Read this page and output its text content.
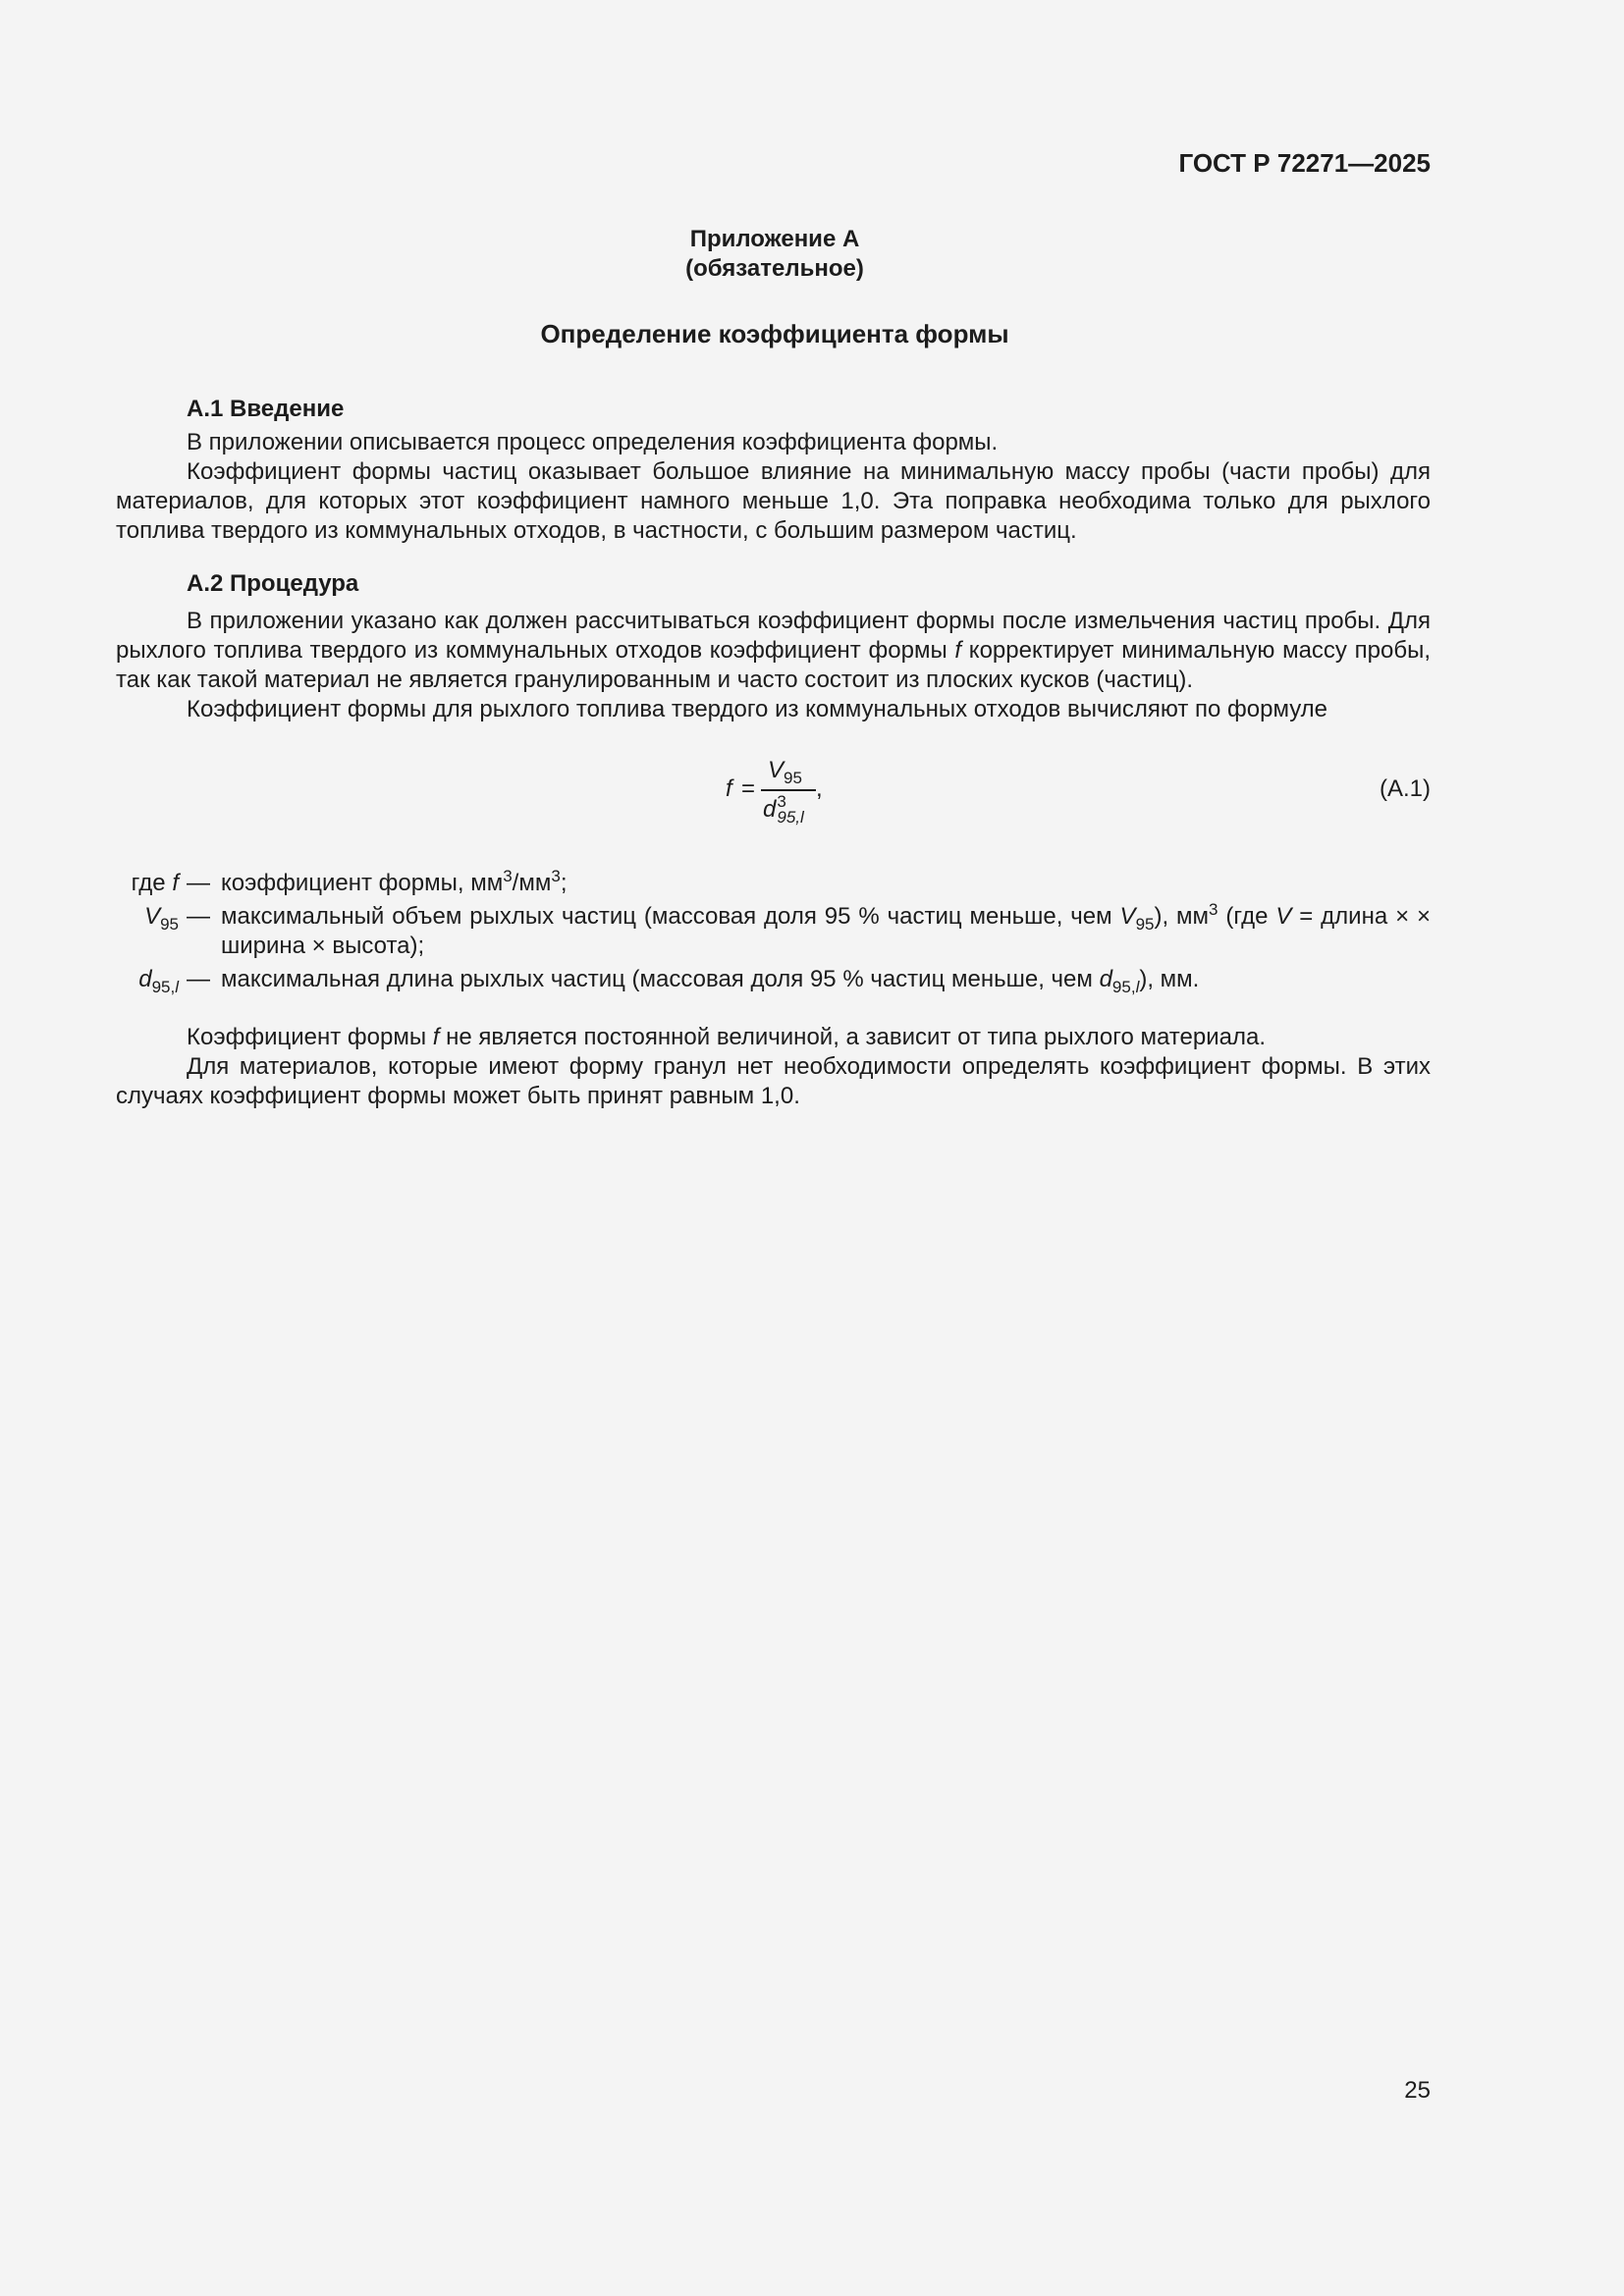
ГОСТ Р 72271—2025
Приложение А
(обязательное)
Определение коэффициента формы

А.1 Введение

В приложении описывается процесс определения коэффициента формы.

Коэффициент формы частиц оказывает большое влияние на минимальную массу пробы (части пробы) для материалов, для которых этот коэффициент намного меньше 1,0. Эта поправка необходима только для рыхлого топлива твердого из коммунальных отходов, в частности, с большим размером частиц.

А.2 Процедура

В приложении указано как должен рассчитываться коэффициент формы после измельчения частиц пробы. Для рыхлого топлива твердого из коммунальных отходов коэффициент формы f корректирует минимальную массу пробы, так как такой материал не является гранулированным и часто состоит из плоских кусков (частиц).

Коэффициент формы для рыхлого топлива твердого из коммунальных отходов вычисляют по формуле

f =
$V_{95}$
d 3
95,l
,	(А.1)
где f — коэффициент формы, $мм^3/мм^3$;
$V_{95}$ — максимальный объем рыхлых частиц (массовая доля 95 % частиц меньше, чем $V_{95}$), $мм^3$ (где V = длина × × ширина × высота);
$d_{95,l}$ — максимальная длина рыхлых частиц (массовая доля 95 % частиц меньше, чем $d_{95,l}$), мм.

Коэффициент формы f не является постоянной величиной, а зависит от типа рыхлого материала.

Для материалов, которые имеют форму гранул нет необходимости определять коэффициент формы. В этих случаях коэффициент формы может быть принят равным 1,0.

25
